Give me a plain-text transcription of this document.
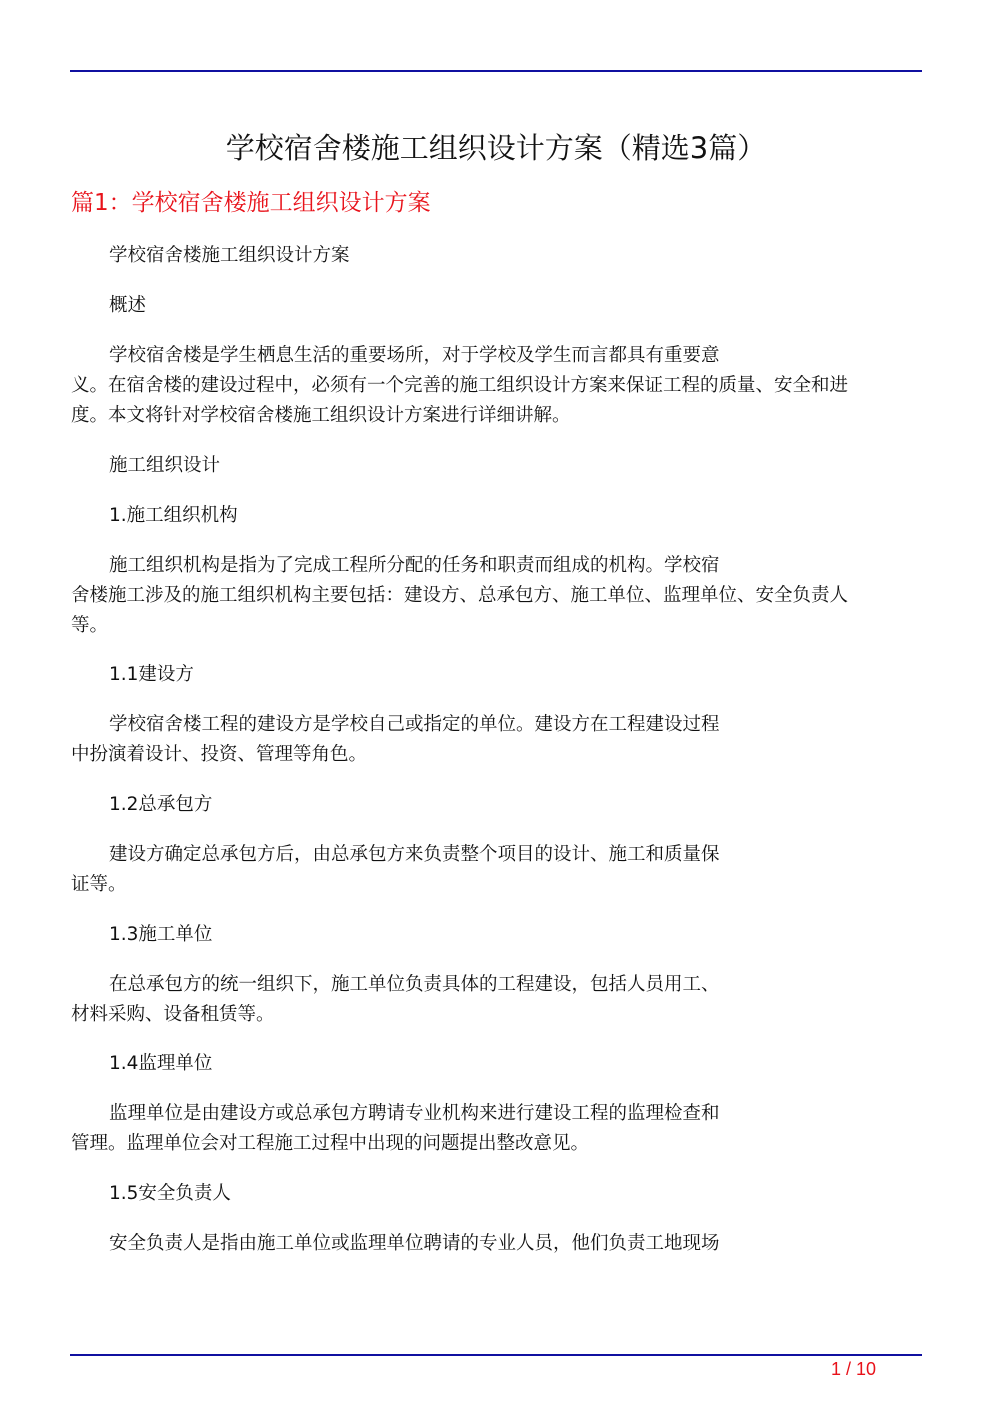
学校宿舍楼施工组织设计方案（精选3篇）
篇1：学校宿舍楼施工组织设计方案
学校宿舍楼施工组织设计方案
概述
学校宿舍楼是学生栖息生活的重要场所，对于学校及学生而言都具有重要意
义。在宿舍楼的建设过程中，必须有一个完善的施工组织设计方案来保证工程的质量、安全和进
度。本文将针对学校宿舍楼施工组织设计方案进行详细讲解。
施工组织设计
1.施工组织机构
施工组织机构是指为了完成工程所分配的任务和职责而组成的机构。学校宿
舍楼施工涉及的施工组织机构主要包括：建设方、总承包方、施工单位、监理单位、安全负责人
等。
1.1建设方
学校宿舍楼工程的建设方是学校自己或指定的单位。建设方在工程建设过程
中扮演着设计、投资、管理等角色。
1.2总承包方
建设方确定总承包方后，由总承包方来负责整个项目的设计、施工和质量保
证等。
1.3施工单位
在总承包方的统一组织下，施工单位负责具体的工程建设，包括人员用工、
材料采购、设备租赁等。
1.4监理单位
监理单位是由建设方或总承包方聘请专业机构来进行建设工程的监理检查和
管理。监理单位会对工程施工过程中出现的问题提出整改意见。
1.5安全负责人
安全负责人是指由施工单位或监理单位聘请的专业人员，他们负责工地现场
1 / 10
